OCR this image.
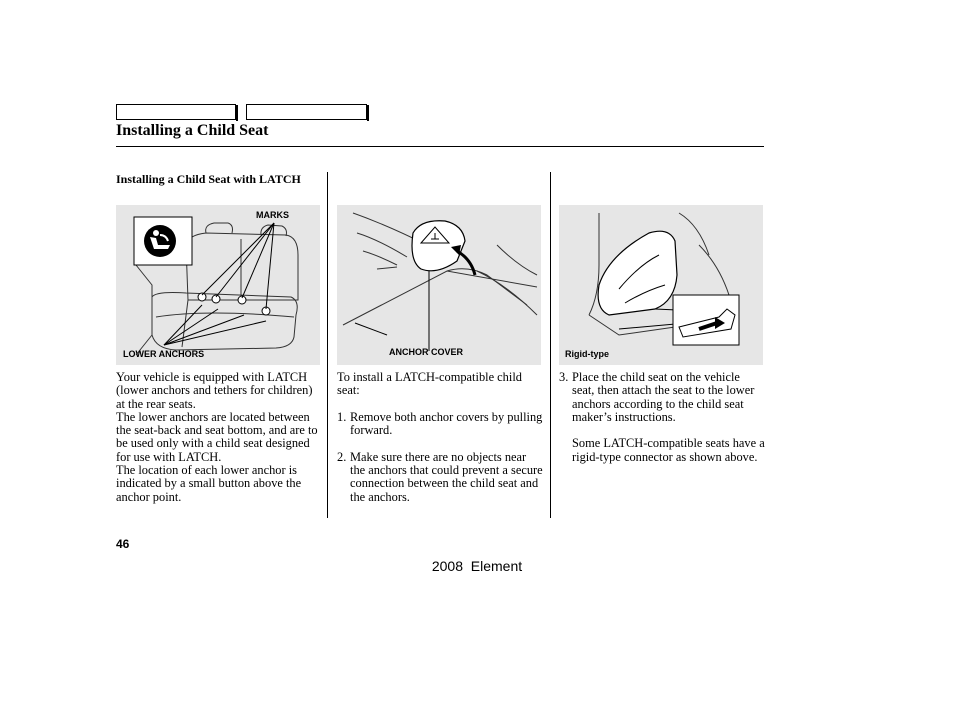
Installing a Child Seat
Installing a Child Seat with LATCH
MARKS
LOWER ANCHORS	ANCHOR COVER	Rigid-type

Your vehicle is equipped with LATCH (lower anchors and tethers for children) at the rear seats.

The lower anchors are located between the seat-back and seat bottom, and are to be used only with a child seat designed for use with LATCH.

The location of each lower anchor is indicated by a small button above the anchor point.

To install a LATCH-compatible child seat:

1. Remove both anchor covers by pulling forward.
2. Make sure there are no objects near the anchors that could prevent a secure connection between the child seat and the anchors.
3. Place the child seat on the vehicle seat, then attach the seat to the lower anchors according to the child seat maker’s instructions.

Some LATCH-compatible seats have a rigid-type connector as shown above.

46
2008  Element
